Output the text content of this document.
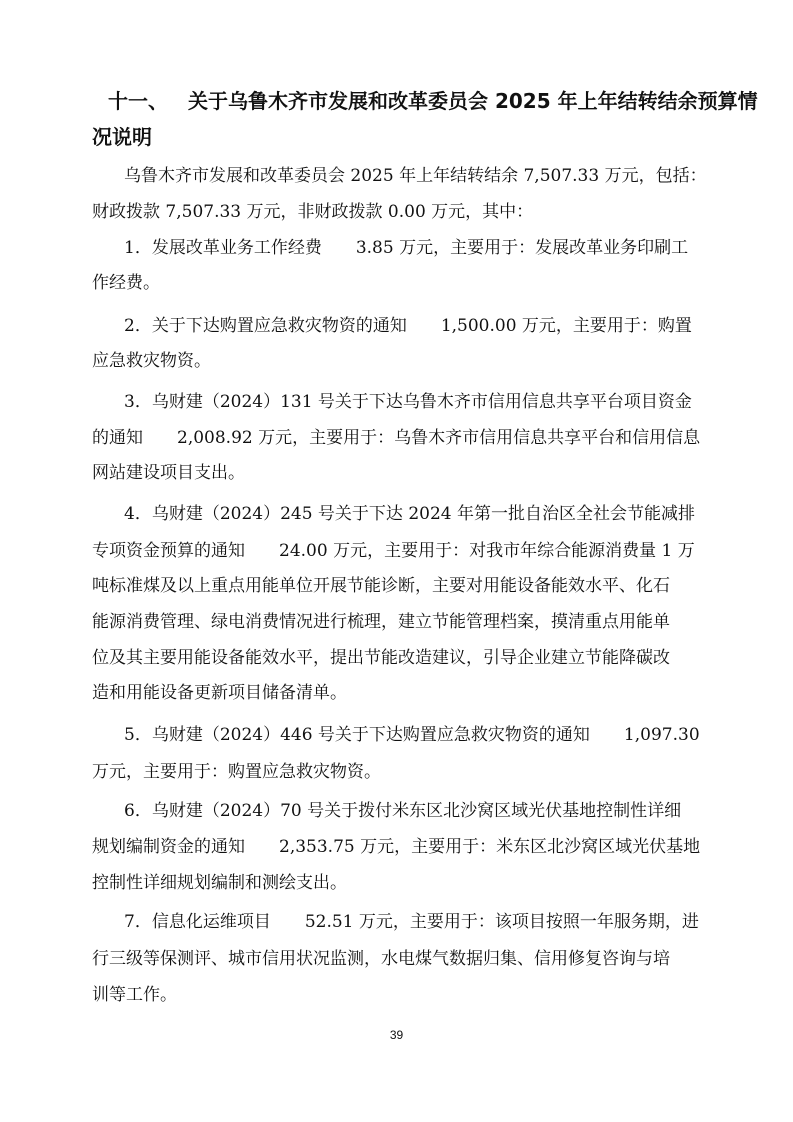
十一、 关于乌鲁木齐市发展和改革委员会 2025 年上年结转结余预算情
况说明
乌鲁木齐市发展和改革委员会 2025 年上年结转结余 7,507.33 万元，包括：
财政拨款 7,507.33 万元，非财政拨款 0.00 万元，其中：
1．发展改革业务工作经费　　3.85 万元，主要用于：发展改革业务印刷工
作经费。
2．关于下达购置应急救灾物资的通知　　1,500.00 万元，主要用于：购置
应急救灾物资。
3．乌财建（2024）131 号关于下达乌鲁木齐市信用信息共享平台项目资金
的通知　　2,008.92 万元，主要用于：乌鲁木齐市信用信息共享平台和信用信息
网站建设项目支出。
4．乌财建（2024）245 号关于下达 2024 年第一批自治区全社会节能减排
专项资金预算的通知　　24.00 万元，主要用于：对我市年综合能源消费量 1 万
吨标准煤及以上重点用能单位开展节能诊断，主要对用能设备能效水平、化石
能源消费管理、绿电消费情况进行梳理，建立节能管理档案，摸清重点用能单
位及其主要用能设备能效水平，提出节能改造建议，引导企业建立节能降碳改
造和用能设备更新项目储备清单。
5．乌财建（2024）446 号关于下达购置应急救灾物资的通知　　1,097.30
万元，主要用于：购置应急救灾物资。
6．乌财建（2024）70 号关于拨付米东区北沙窝区域光伏基地控制性详细
规划编制资金的通知　　2,353.75 万元，主要用于：米东区北沙窝区域光伏基地
控制性详细规划编制和测绘支出。
7．信息化运维项目　　52.51 万元，主要用于：该项目按照一年服务期，进
行三级等保测评、城市信用状况监测，水电煤气数据归集、信用修复咨询与培
训等工作。
39
